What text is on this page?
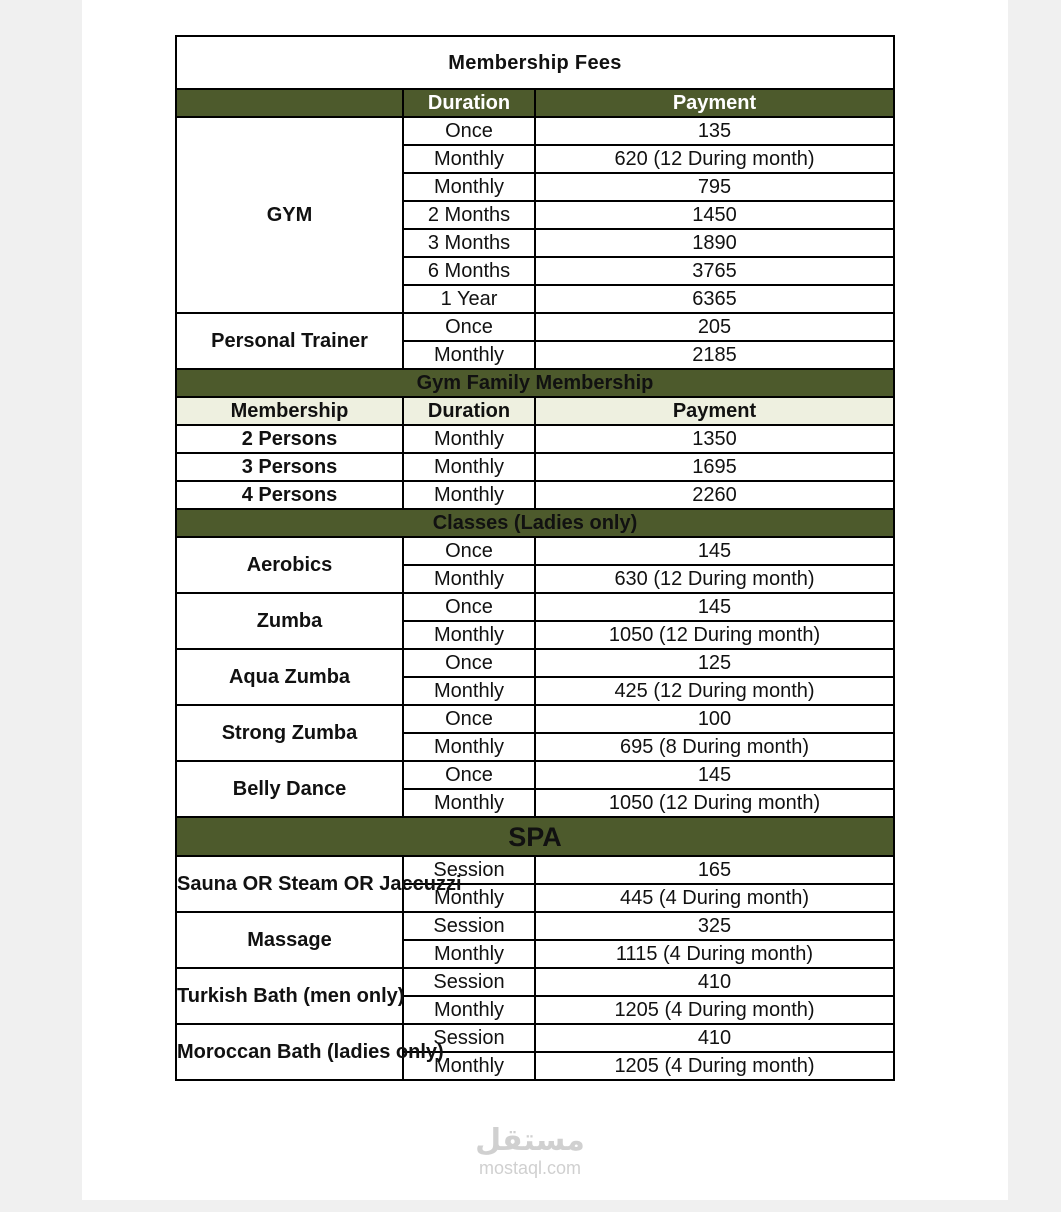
Membership Fees		
	Duration	Payment
GYM	Once	135
	Monthly	620 (12 During month)
	Monthly	795
	2 Months	1450
	3 Months	1890
	6 Months	3765
	1 Year	6365
Personal Trainer	Once	205
	Monthly	2185
Gym Family Membership		
Membership	Duration	Payment
2 Persons	Monthly	1350
3 Persons	Monthly	1695
4 Persons	Monthly	2260
Classes (Ladies only)		
Aerobics	Once	145
	Monthly	630 (12 During month)
Zumba	Once	145
	Monthly	1050 (12 During month)
Aqua Zumba	Once	125
	Monthly	425 (12 During month)
Strong Zumba	Once	100
	Monthly	695 (8 During month)
Belly Dance	Once	145
	Monthly	1050 (12 During month)
SPA		
Sauna OR Steam OR Jaccuzzi	Session	165
	Monthly	445 (4 During month)
Massage	Session	325
	Monthly	1115 (4 During month)
Turkish Bath (men only)	Session	410
	Monthly	1205 (4 During month)
Moroccan Bath (ladies only)	Session	410
	Monthly	1205 (4 During month)
مستقل
mostaql.com
